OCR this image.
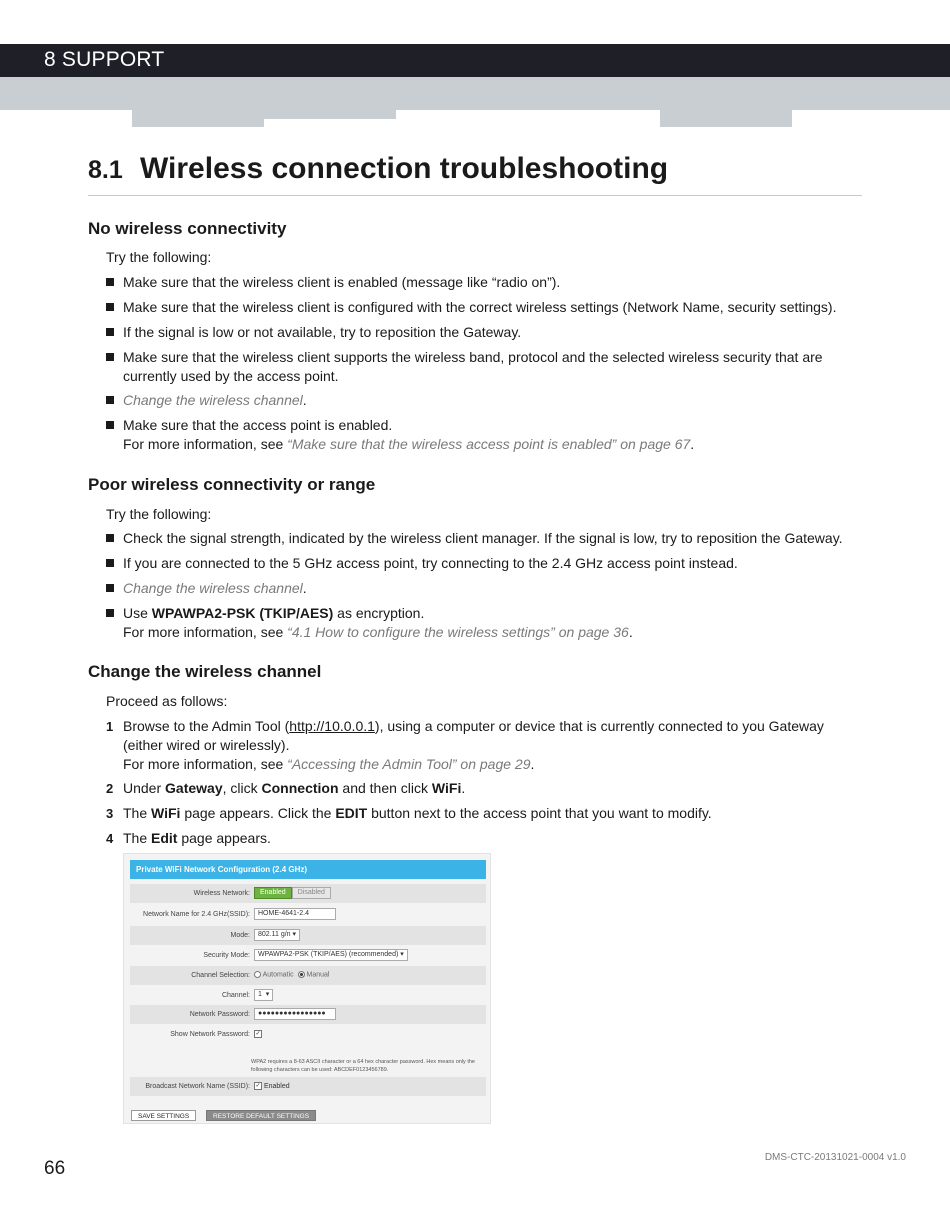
8 SUPPORT
8.1 Wireless connection troubleshooting
No wireless connectivity
Try the following:
Make sure that the wireless client is enabled (message like “radio on”).
Make sure that the wireless client is configured with the correct wireless settings (Network Name, security settings).
If the signal is low or not available, try to reposition the Gateway.
Make sure that the wireless client supports the wireless band, protocol and the selected wireless security that are currently used by the access point.
Change the wireless channel.
Make sure that the access point is enabled.
For more information, see “Make sure that the wireless access point is enabled” on page 67.
Poor wireless connectivity or range
Try the following:
Check the signal strength, indicated by the wireless client manager. If the signal is low, try to reposition the Gateway.
If you are connected to the 5 GHz access point, try connecting to the 2.4 GHz access point instead.
Change the wireless channel.
Use WPAWPA2-PSK (TKIP/AES) as encryption.
For more information, see “4.1 How to configure the wireless settings” on page 36.
Change the wireless channel
Proceed as follows:
1 Browse to the Admin Tool (http://10.0.0.1), using a computer or device that is currently connected to you Gateway (either wired or wirelessly).
For more information, see “Accessing the Admin Tool” on page 29.
2 Under Gateway, click Connection and then click WiFi.
3 The WiFi page appears. Click the EDIT button next to the access point that you want to modify.
4 The Edit page appears.
Private WiFi Network Configuration (2.4 GHz)
Wireless Network:	Enabled Disabled
Network Name for 2.4 GHz(SSID):	HOME-4641-2.4
Mode:	802.11 g/n ▾
Security Mode:	WPAWPA2-PSK (TKIP/AES) (recommended) ▾
Channel Selection:	Automatic Manual
Channel:	1 ▾
Network Password:	●●●●●●●●●●●●●●●●
Show Network Password: ✓
Broadcast Network Name (SSID): ✓ Enabled
SAVE SETTINGS	RESTORE DEFAULT SETTINGS
WPA2 requires a 8-63 ASCII character or a 64 hex character password. Hex means only the following characters can be used: ABCDEF0123456789.
66
DMS-CTC-20131021-0004 v1.0
